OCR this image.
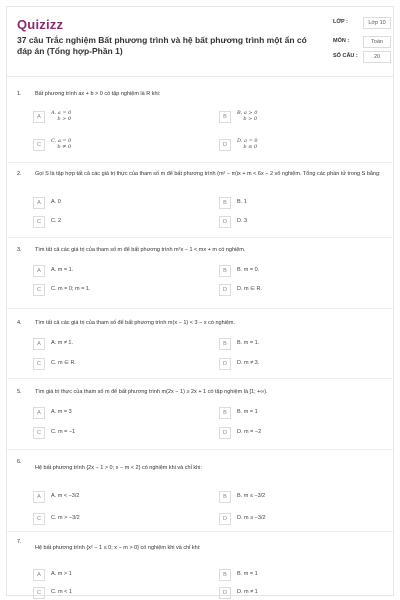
Quizizz
37 câu Trắc nghiệm Bất phương trình và hệ bất phương trình một ẩn có đáp án (Tổng hợp-Phần 1)
LỚP :	Lớp 10
MÔN :	Toán
SỐ CÂU :	20
1. Bất phương trình ax + b > 0 có tập nghiệm là R khi:
A
A. a = 0
b > 0	B
B. a > 0
b > 0
C
C. a = 0
b ≠ 0	D
D. a = 0
b ≤ 0
2. Gọi S là tập hợp tất cả các giá trị thực của tham số m để bất phương trình (m² − m)x + m < 6x − 2 vô nghiệm. Tổng các phần tử trong S bằng:
A	A. 0	B	B. 1
C	C. 2	D	D. 3
3. Tìm tất cả các giá trị của tham số m để bất phương trình m²x − 1 < mx + m có nghiệm.
A	A. m = 1.	B	B. m = 0.
C	C. m = 0; m = 1.	D	D. m ∈ R.
4. Tìm tất cả các giá trị của tham số để bất phương trình m(x − 1) < 3 − x có nghiệm.
A	A. m ≠ 1.	B	B. m = 1.
C	C. m ∈ R.	D	D. m ≠ 3.
5. Tìm giá trị thực của tham số m để bất phương trình m(2x − 1) ≥ 2x + 1 có tập nghiệm là [1; +∞).
A	A. m = 3	B	B. m = 1
C	C. m = −1	D	D. m = −2
6.
Hệ bất phương trình {2x − 1 > 0; x − m < 2} có nghiệm khi và chỉ khi:
A	A. m < −3/2	B	B. m ≤ −3/2
C	C. m > −3/2	D	D. m ≥ −3/2
7.
Hệ bất phương trình {x² − 1 ≤ 0; x − m > 0} có nghiệm khi và chỉ khi:
A	A. m > 1	B	B. m = 1
C	C. m < 1	D	D. m ≠ 1
